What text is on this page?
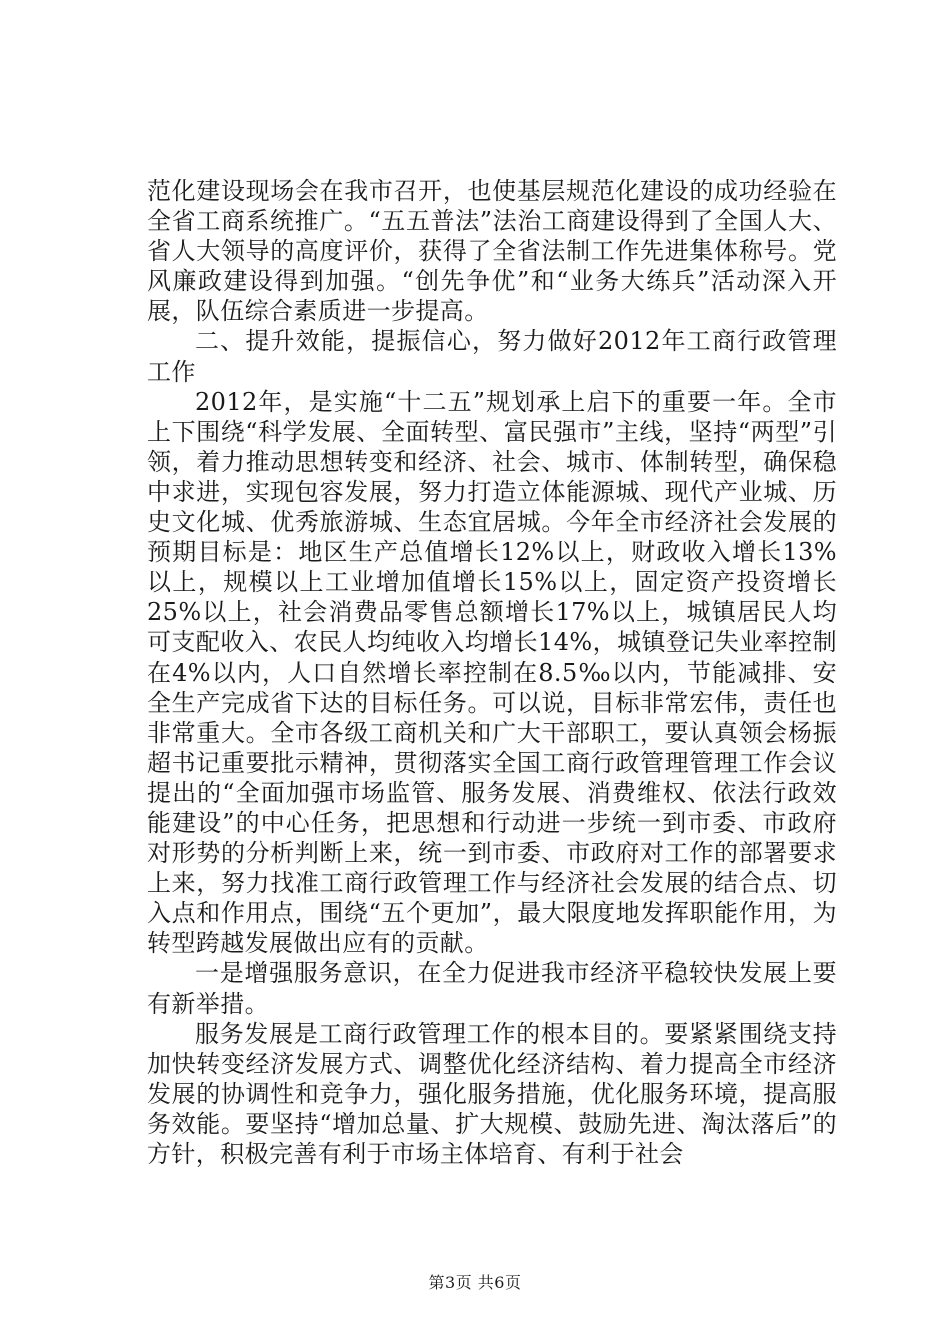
范化建设现场会在我市召开，也使基层规范化建设的成功经验在全省工商系统推广。“五五普法”法治工商建设得到了全国人大、省人大领导的高度评价，获得了全省法制工作先进集体称号。党风廉政建设得到加强。“创先争优”和“业务大练兵”活动深入开展，队伍综合素质进一步提高。

二、提升效能，提振信心，努力做好2012年工商行政管理工作

2012年，是实施“十二五”规划承上启下的重要一年。全市上下围绕“科学发展、全面转型、富民强市”主线，坚持“两型”引领，着力推动思想转变和经济、社会、城市、体制转型，确保稳中求进，实现包容发展，努力打造立体能源城、现代产业城、历史文化城、优秀旅游城、生态宜居城。今年全市经济社会发展的预期目标是：地区生产总值增长12%以上，财政收入增长13%以上，规模以上工业增加值增长15%以上，固定资产投资增长25%以上，社会消费品零售总额增长17%以上，城镇居民人均可支配收入、农民人均纯收入均增长14%，城镇登记失业率控制在4%以内，人口自然增长率控制在8.5‰以内，节能减排、安全生产完成省下达的目标任务。可以说，目标非常宏伟，责任也非常重大。全市各级工商机关和广大干部职工，要认真领会杨振超书记重要批示精神，贯彻落实全国工商行政管理管理工作会议提出的“全面加强市场监管、服务发展、消费维权、依法行政效能建设”的中心任务，把思想和行动进一步统一到市委、市政府对形势的分析判断上来，统一到市委、市政府对工作的部署要求上来，努力找准工商行政管理工作与经济社会发展的结合点、切入点和作用点，围绕“五个更加”，最大限度地发挥职能作用，为转型跨越发展做出应有的贡献。

一是增强服务意识，在全力促进我市经济平稳较快发展上要有新举措。

服务发展是工商行政管理工作的根本目的。要紧紧围绕支持加快转变经济发展方式、调整优化经济结构、着力提高全市经济发展的协调性和竞争力，强化服务措施，优化服务环境，提高服务效能。要坚持“增加总量、扩大规模、鼓励先进、淘汰落后”的方针，积极完善有利于市场主体培育、有利于社会

第3页 共6页
